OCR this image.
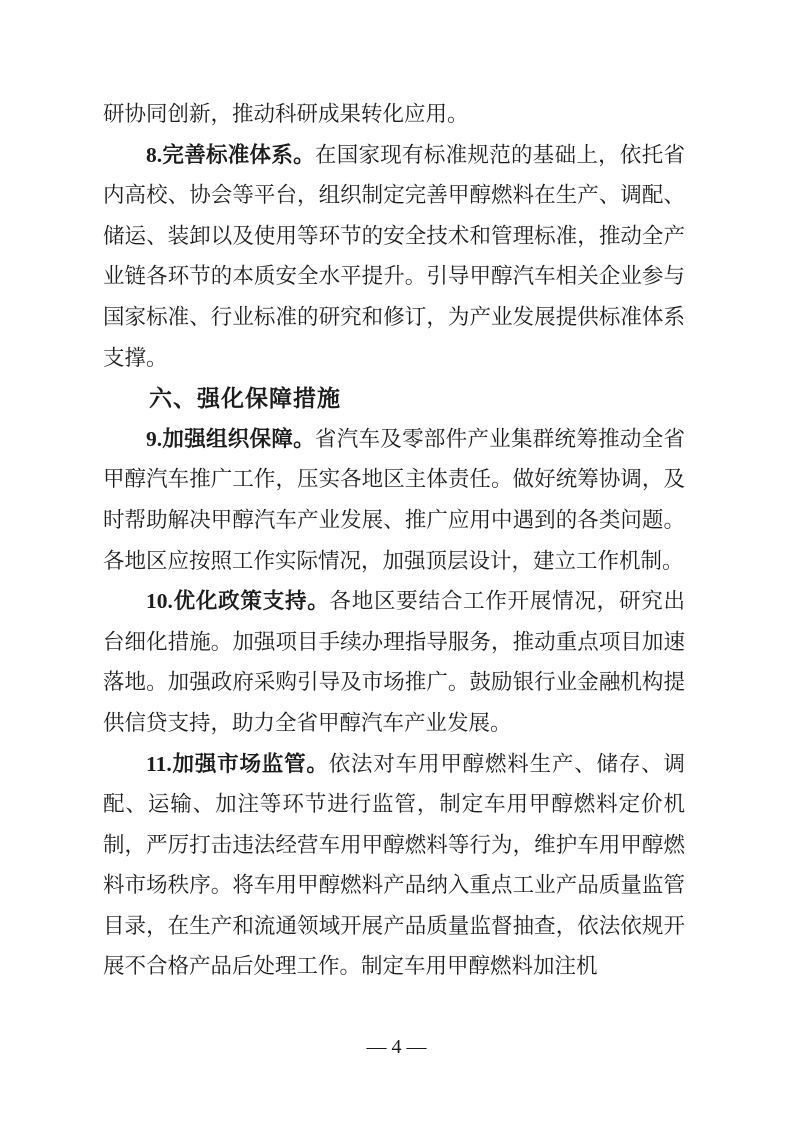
研协同创新，推动科研成果转化应用。

8.完善标准体系。在国家现有标准规范的基础上，依托省内高校、协会等平台，组织制定完善甲醇燃料在生产、调配、储运、装卸以及使用等环节的安全技术和管理标准，推动全产业链各环节的本质安全水平提升。引导甲醇汽车相关企业参与国家标准、行业标准的研究和修订，为产业发展提供标准体系支撑。

六、强化保障措施

9.加强组织保障。省汽车及零部件产业集群统筹推动全省甲醇汽车推广工作，压实各地区主体责任。做好统筹协调，及时帮助解决甲醇汽车产业发展、推广应用中遇到的各类问题。各地区应按照工作实际情况，加强顶层设计，建立工作机制。

10.优化政策支持。各地区要结合工作开展情况，研究出台细化措施。加强项目手续办理指导服务，推动重点项目加速落地。加强政府采购引导及市场推广。鼓励银行业金融机构提供信贷支持，助力全省甲醇汽车产业发展。

11.加强市场监管。依法对车用甲醇燃料生产、储存、调配、运输、加注等环节进行监管，制定车用甲醇燃料定价机制，严厉打击违法经营车用甲醇燃料等行为，维护车用甲醇燃料市场秩序。将车用甲醇燃料产品纳入重点工业产品质量监管目录，在生产和流通领域开展产品质量监督抽查，依法依规开展不合格产品后处理工作。制定车用甲醇燃料加注机

— 4 —
